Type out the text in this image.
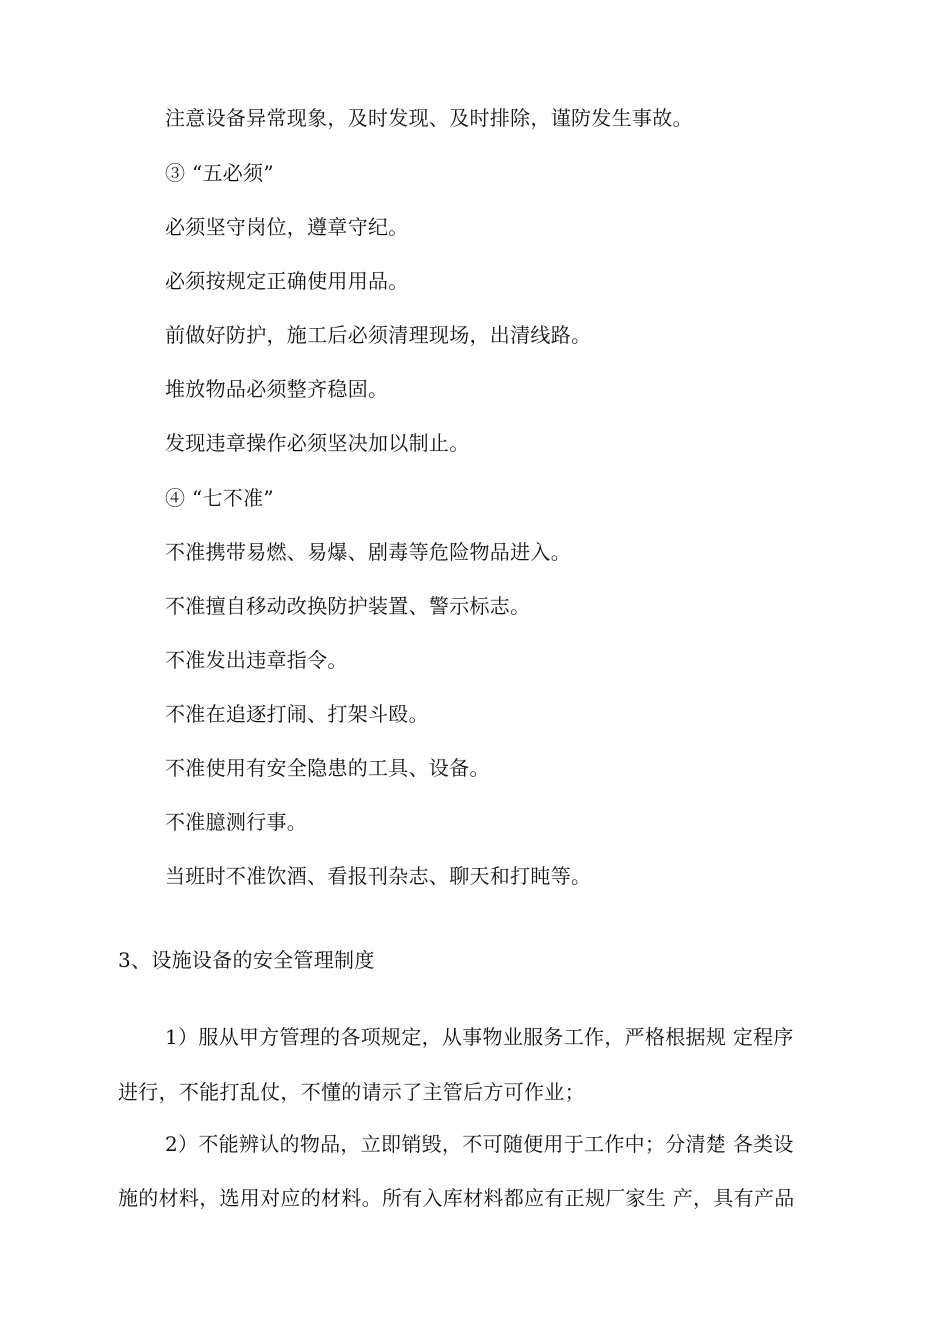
注意设备异常现象，及时发现、及时排除，谨防发生事故。
③ “五必须”
必须坚守岗位，遵章守纪。
必须按规定正确使用用品。
前做好防护，施工后必须清理现场，出清线路。
堆放物品必须整齐稳固。
发现违章操作必须坚决加以制止。
④ “七不准”
不准携带易燃、易爆、剧毒等危险物品进入。
不准擅自移动改换防护装置、警示标志。
不准发出违章指令。
不准在追逐打闹、打架斗殴。
不准使用有安全隐患的工具、设备。
不准臆测行事。
当班时不准饮酒、看报刊杂志、聊天和打盹等。
3、设施设备的安全管理制度
1）服从甲方管理的各项规定，从事物业服务工作，严格根据规 定程序
进行，不能打乱仗，不懂的请示了主管后方可作业；
2）不能辨认的物品，立即销毁，不可随便用于工作中；分清楚 各类设
施的材料，选用对应的材料。所有入库材料都应有正规厂家生 产，具有产品
